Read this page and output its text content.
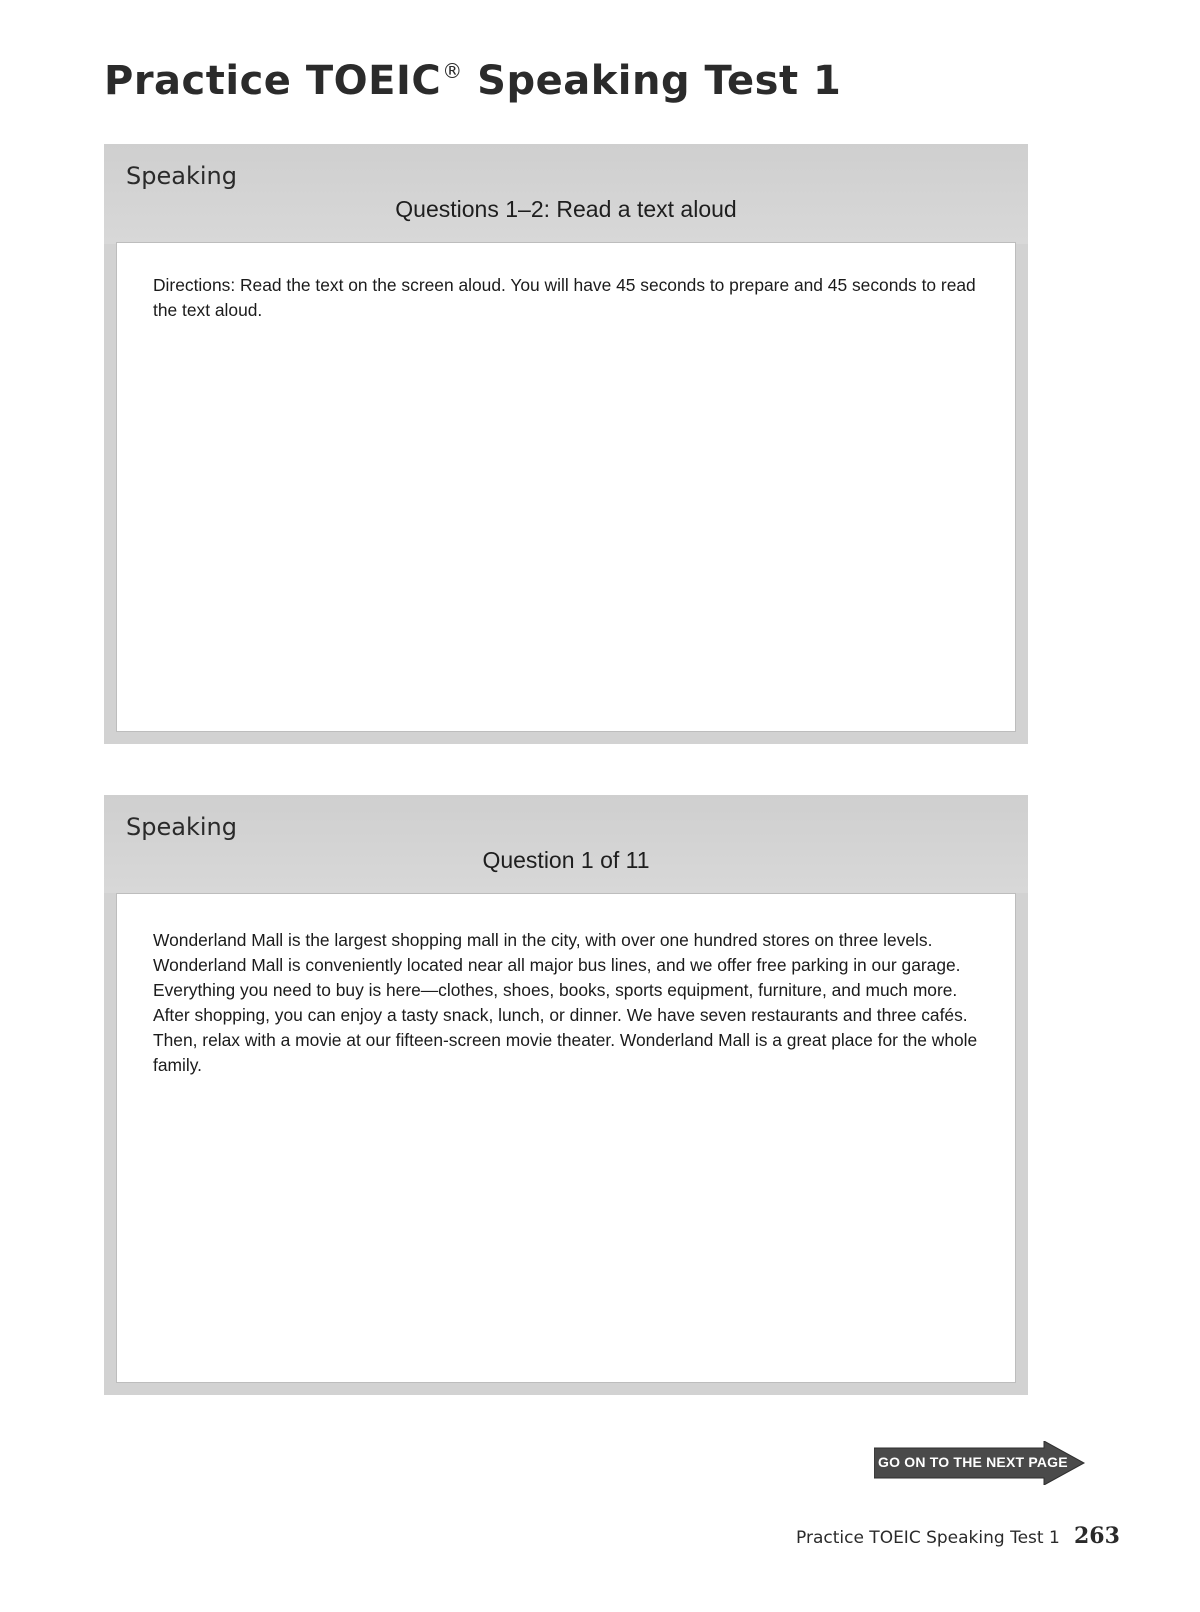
Practice TOEIC® Speaking Test 1
Speaking
Questions 1–2: Read a text aloud

Directions: Read the text on the screen aloud. You will have 45 seconds to prepare and 45 seconds to read the text aloud.

Speaking
Question 1 of 11

Wonderland Mall is the largest shopping mall in the city, with over one hundred stores on three levels. Wonderland Mall is conveniently located near all major bus lines, and we offer free parking in our garage. Everything you need to buy is here—clothes, shoes, books, sports equipment, furniture, and much more. After shopping, you can enjoy a tasty snack, lunch, or dinner. We have seven restaurants and three cafés. Then, relax with a movie at our fifteen-screen movie theater. Wonderland Mall is a great place for the whole family.

GO ON TO THE NEXT PAGE
Practice TOEIC Speaking Test 1 263
